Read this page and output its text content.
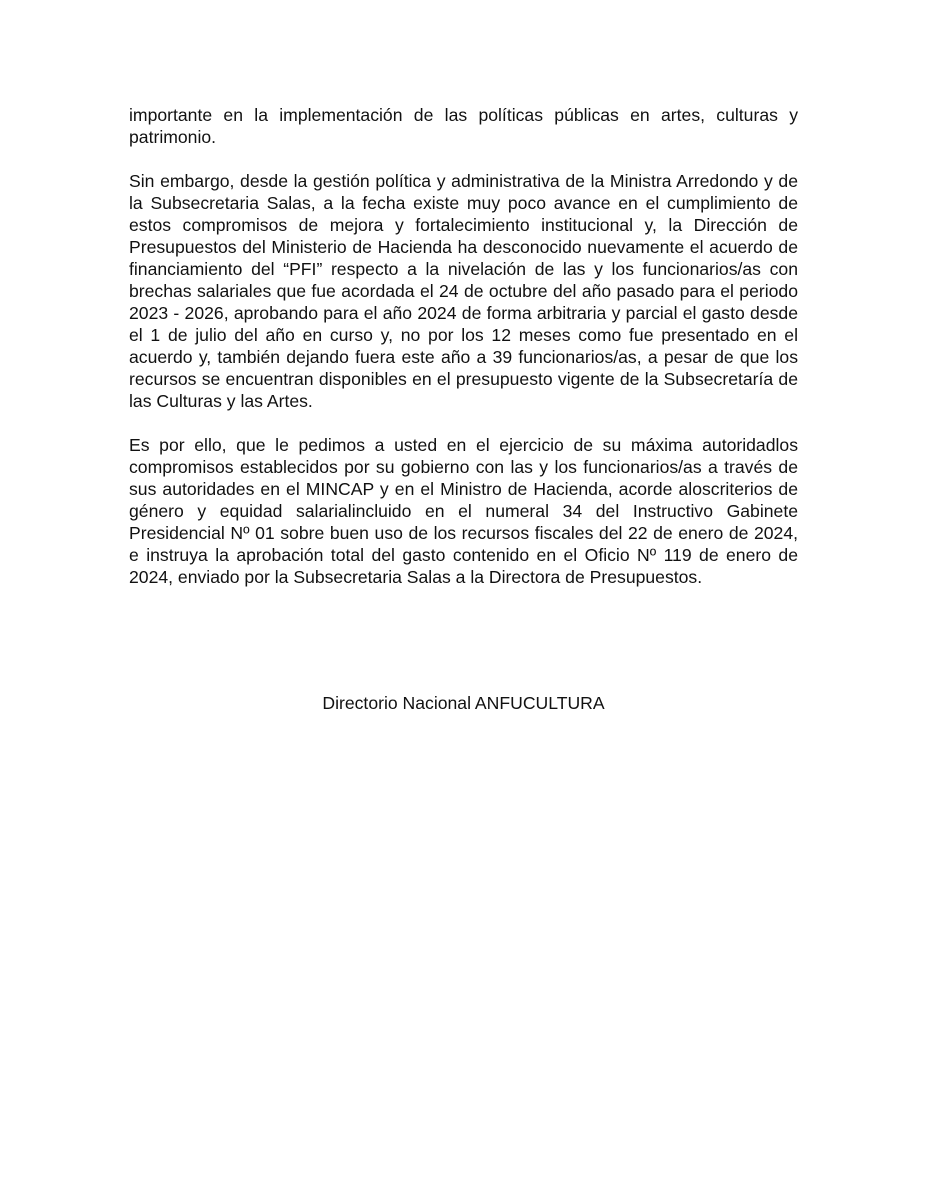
importante en la implementación de las políticas públicas en artes, culturas y patrimonio.

Sin embargo, desde la gestión política y administrativa de la Ministra Arredondo y de la Subsecretaria Salas, a la fecha existe muy poco avance en el cumplimiento de estos compromisos de mejora y fortalecimiento institucional y, la Dirección de Presupuestos del Ministerio de Hacienda ha desconocido nuevamente el acuerdo de financiamiento del “PFI” respecto a la nivelación de las y los funcionarios/as con brechas salariales que fue acordada el 24 de octubre del año pasado para el periodo 2023 - 2026, aprobando para el año 2024 de forma arbitraria y parcial el gasto desde el 1 de julio del año en curso y, no por los 12 meses como fue presentado en el acuerdo y, también dejando fuera este año a 39 funcionarios/as, a pesar de que los recursos se encuentran disponibles en el presupuesto vigente de la Subsecretaría de las Culturas y las Artes.

Es por ello, que le pedimos a usted en el ejercicio de su máxima autoridadlos compromisos establecidos por su gobierno con las y los funcionarios/as a través de sus autoridades en el MINCAP y en el Ministro de Hacienda, acorde aloscriterios de género y equidad salarialincluido en el numeral 34 del Instructivo Gabinete Presidencial Nº 01 sobre buen uso de los recursos fiscales del 22 de enero de 2024, e instruya la aprobación total del gasto contenido en el Oficio Nº 119 de enero de 2024, enviado por la Subsecretaria Salas a la Directora de Presupuestos.

Directorio Nacional ANFUCULTURA
